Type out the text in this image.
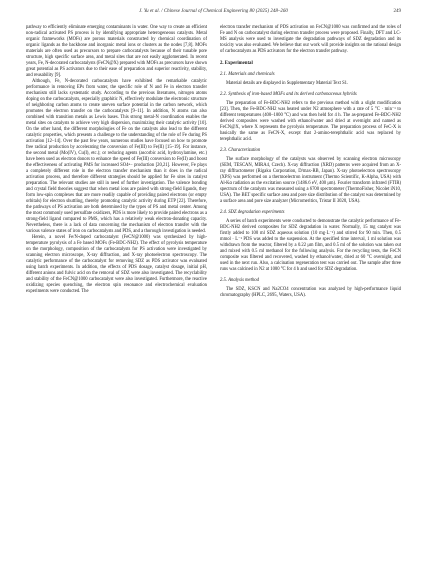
J. Yu et al. / Chinese Journal of Chemical Engineering 80 (2025) 248–260	249

pathway to efficiently eliminate emerging contaminants in water. One way to create an efficient non-radical activated PS process is by identifying appropriate heterogeneous catalysts. Metal organic frameworks (MOFs) are porous materials constructed by chemical coordination of organic ligands as the backbone and inorganic metal ions or clusters as the nodes [7,8]. MOFs materials are often used as precursors to prepare carbocatalysts because of their tunable pore structure, high specific surface area, and metal sites that are not easily agglomerated. In recent years, Fe, N-decorated carbocatalysts (FeCN@X) prepared with MOFs as precursors have shown great potential as PS activators due to their ease of preparation and superior reactivity, stability, and reusability [9].

Although, Fe, N-decorated carbocatalysts have exhibited the remarkable catalytic performance in removing EPs from water, the specific role of N and Fe in electron transfer mechanism still lacks systematic study. According to the previous literatures, nitrogen atoms doping on the carbocatalysts, especially graphitic N, effectively modulate the electronic structure of neighboring carbon atoms to create uneven surface potential in the carbon network, which promotes the electron transfer on the carbocatalysts [9–11]. In addition, N atoms can also combined with transition metals as Lewis bases. This strong metal-N coordination enables the metal sites on catalysts to achieve very high dispersion, maximizing their catalytic activity [10]. On the other hand, the different morphologies of Fe on the catalysts also lead to the different catalytic properties, which presents a challenge to the understanding of the role of Fe during PS activation [12–14]. Over the past few years, numerous studies have focused on how to promote free radical production by accelerating the conversion of Fe(III) to Fe(II) [15–19]. For instance, the second metal (Mo(IV), Cu(I), etc.); or reducing agents (ascorbic acid, hydroxylamine, etc.) have been used as electron donors to enhance the speed of Fe(III) conversion to Fe(II) and boost the effectiveness of activating PMS for increased SO4•− production [20,21]. However, Fe plays a completely different role in the electron transfer mechanism than it does in the radical activation process, and therefore different strategies should be applied for Fe sites in catalyst preparation. The relevant studies are still in need of further investigation. The valence bonding and crystal field theories suggest that when metal ions are paired with strong-field ligands, they form low-spin complexes that are more readily capable of providing paired electrons (or empty orbitals) for electron shuttling, thereby promoting catalytic activity during ETP [22]. Therefore, the pathways of PS activation are both determined by the types of PS and metal center. Among the most commonly used persulfate oxidizers, PDS is more likely to provide paired electrons as a strong-field ligand compared to PMS, which has a relatively weak electron-donating capacity. Nevertheless, there is a lack of data concerning the mechanism of electron transfer with the various valence states of iron on carbocatalysts and PDS, and a thorough investigation is needed.

Herein, a novel Fe/N-doped carbocatalyst (FeCN@1000) was synthesized by high-temperature pyrolysis of a Fe based MOFs (Fe-BDC-NH2). The effect of pyrolysis temperature on the morphology, composition of the carbocatalysts for PS activation were investigated by scanning electron microscope, X-ray diffraction, and X-ray photoelectron spectroscopy. The catalytic performance of the carbocatalyst for removing SDZ as PDS activator was evaluated using batch experiments. In addition, the effects of PDS dosage, catalyst dosage, initial pH, different anions and fulvic acid on the removal of SDZ were also investigated. The recyclability and stability of the FeCN@1000 carbocatalyst were also investigated. Furthermore, the reactive oxidizing species quenching, the electron spin resonance and electrochemical evaluation experiments were conducted. The

electron transfer mechanism of PDS activation on FeCN@1000 was confirmed and the roles of Fe and N on carbocatalyst during electron transfer process were proposed. Finally, DFT and LC-MS analysis were used to investigate the degradation pathways of SDZ degradation and its toxicity was also evaluated. We believe that our work will provide insights on the rational design of carbocatalysts as PDS activators for the electron transfer pathway.

2. Experimental
2.1. Materials and chemicals

Material details are displayed in Supplementary Material Text S1.

2.2. Synthesis of iron-based MOFs and its derived carbonaceous hybrids

The preparation of Fe-BDC-NH2 refers to the previous method with a slight modification [23]. Then, the Fe-BDC-NH2 was heated under N2 atmosphere with a rate of 5 °C · min⁻¹ to different temperatures (400–1000 °C) and was then held for 4 h. The as-prepared Fe-BDC-NH2 derived composites were washed with ethanol/water and dried at overnight and named as FeCN@X, where X represents the pyrolysis temperature. The preparation process of FeC-X is basically the same as FeCN-X, except that 2-amino-terephthalic acid was replaced by terephthalic acid.

2.3. Characterization

The surface morphology of the catalysts was observed by scanning electron microscopy (SEM, TESCAN, MIRA4, Czech). X-ray diffraction (XRD) patterns were acquired from an X-ray diffractometer (Rigaku Corporation, D/max-RB, Japan). X-ray photoelectron spectroscopy (XPS) was performed on a thermoelectron instrument (Thermo Scientific, K-Alpha, USA) with Al-Kα radiation as the excitation source (1486.6 eV, 400 μm). Fourier transform infrared (FTIR) spectrum of the catalysts was measured using a 6700 spectrometer (ThermoFisher, Nicolet iN10, USA). The BET specific surface area and pore size distribution of the catalyst was determined by a surface area and pore size analyzer (Micromeritics, Tristar II 3020, USA).

2.4. SDZ degradation experiments

A series of batch experiments were conducted to demonstrate the catalytic performance of Fe-BDC-NH2 derived composites for SDZ degradation in water. Normally, 15 mg catalyst was firstly added to 100 ml SDZ aqueous solution (10 mg·L⁻¹) and stirred for 90 min. Then, 0.5 mmol · L⁻¹ PDS was added to the suspension. At the specified time interval, 1 ml solution was withdrawn from the reactor, filtered by a 0.22 μm film, and 0.5 ml of the solution was taken out and mixed with 0.5 ml methanol for the following analysis. For the recycling tests, the FeCN composite was filtered and recovered, washed by ethanol/water, dried at 60 °C overnight, and used in the next run. Also, a calcination regeneration test was carried out. The sample after three runs was calcined in N2 at 1000 °C for 4 h and used for SDZ degradation.

2.5. Analysis method

The SDZ, KSCN and Na2CO4 concentration was analyzed by high-performance liquid chromatography (HPLC, 2695, Waters, USA).
